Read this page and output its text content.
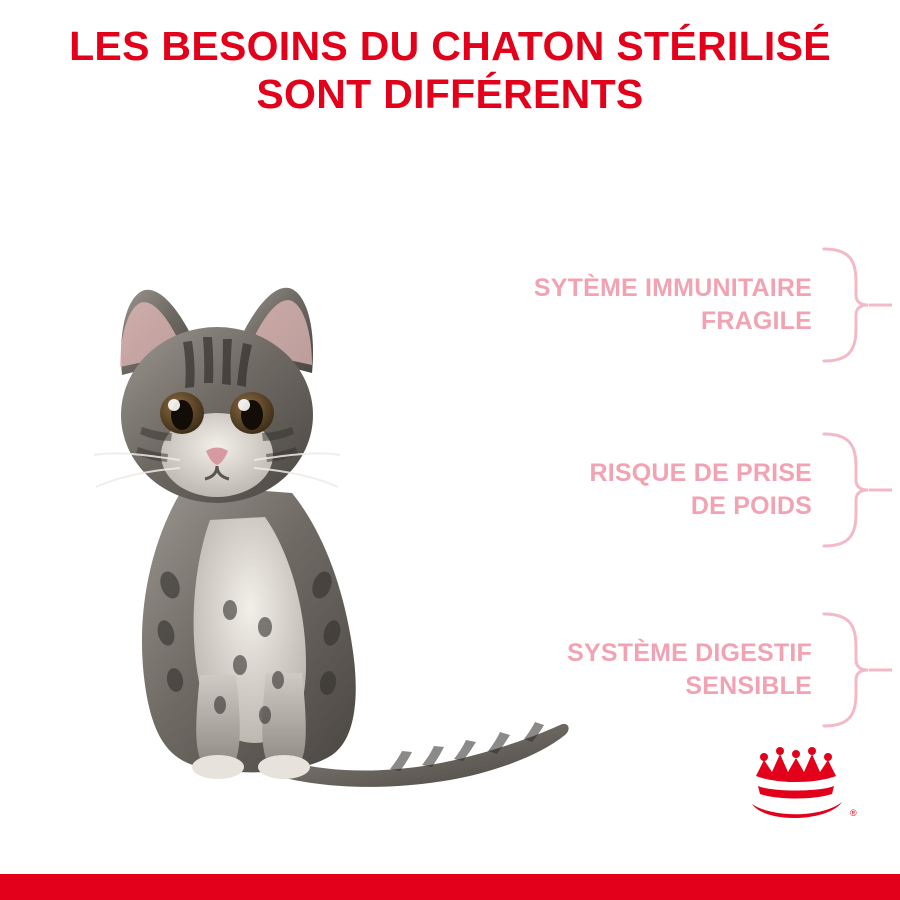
LES BESOINS DU CHATON STÉRILISÉ
SONT DIFFÉRENTS
SYTÈME IMMUNITAIRE
FRAGILE
RISQUE DE PRISE
DE POIDS
SYSTÈME DIGESTIF
SENSIBLE
®
